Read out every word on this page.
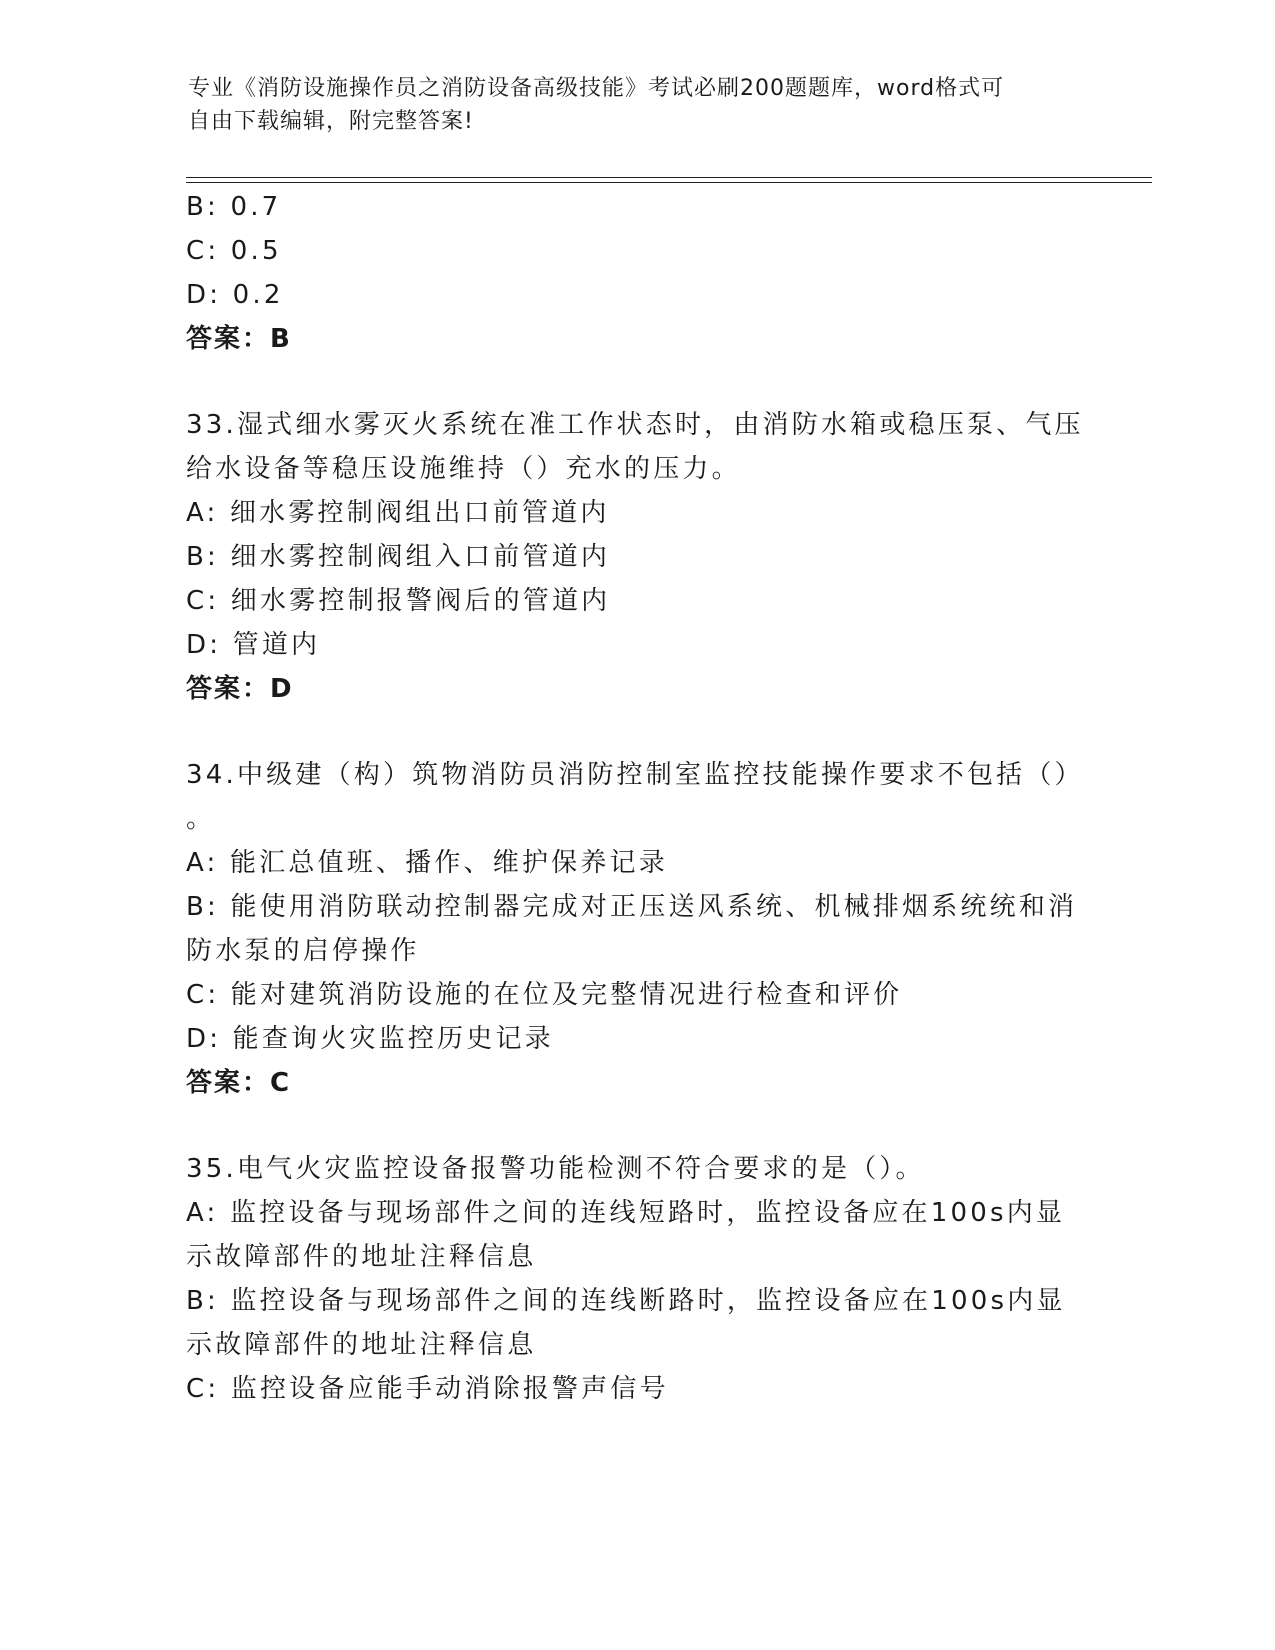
专业《消防设施操作员之消防设备高级技能》考试必刷200题题库，word格式可
自由下载编辑，附完整答案!
B: 0.7
C: 0.5
D: 0.2
答案：B
33.湿式细水雾灭火系统在准工作状态时，由消防水箱或稳压泵、气压
给水设备等稳压设施维持（）充水的压力。
A: 细水雾控制阀组出口前管道内
B: 细水雾控制阀组入口前管道内
C: 细水雾控制报警阀后的管道内
D: 管道内
答案：D
34.中级建（构）筑物消防员消防控制室监控技能操作要求不包括（）
。
A: 能汇总值班、播作、维护保养记录
B: 能使用消防联动控制器完成对正压送风系统、机械排烟系统统和消
防水泵的启停操作
C: 能对建筑消防设施的在位及完整情况进行检查和评价
D: 能查询火灾监控历史记录
答案：C
35.电气火灾监控设备报警功能检测不符合要求的是（）。
A: 监控设备与现场部件之间的连线短路时，监控设备应在100s内显
示故障部件的地址注释信息
B: 监控设备与现场部件之间的连线断路时，监控设备应在100s内显
示故障部件的地址注释信息
C: 监控设备应能手动消除报警声信号
